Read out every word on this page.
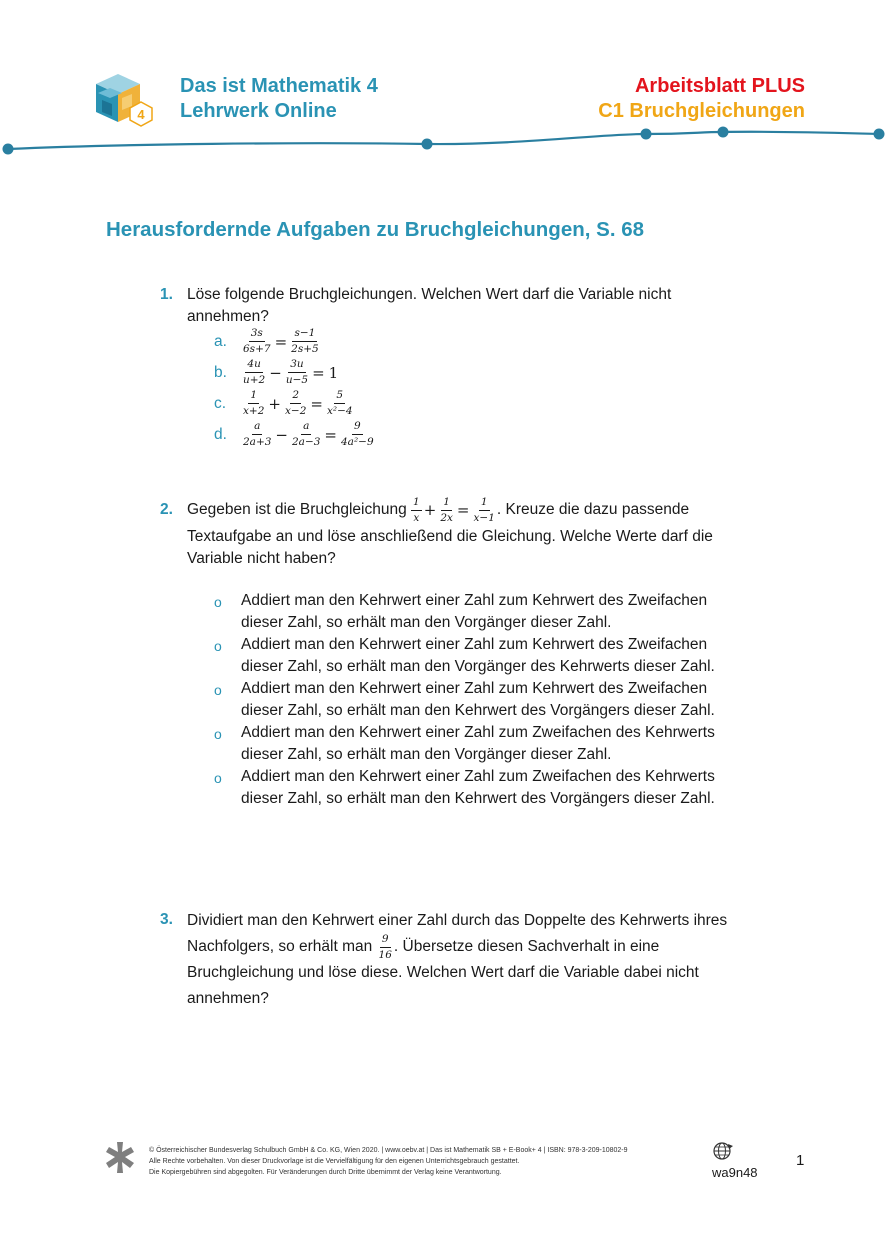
4
Das ist Mathematik 4
Lehrwerk Online
Arbeitsblatt PLUS
C1 Bruchgleichungen
Herausfordernde Aufgaben zu Bruchgleichungen, S. 68
1. Löse folgende Bruchgleichungen. Welchen Wert darf die Variable nicht
annehmen?
a.	$\frac{3s}{6s+7} = \frac{s-1}{2s+5}$
b.	$\frac{4u}{u+2} - \frac{3u}{u-5} = 1$
c.	$\frac{1}{x+2} + \frac{2}{x-2} = \frac{5}{\text{x²−4}}$
d.	$\frac{a}{2a+3} - \frac{a}{2a-3} = \frac{9}{\text{4a²−9}}$
2. Gegeben ist die Bruchgleichung
$\frac{1}{x} + \frac{1}{2x} = \frac{1}{x-1}$ . Kreuze die dazu passende
Textaufgabe an und löse anschließend die Gleichung. Welche Werte darf die
Variable nicht haben?
o	Addiert man den Kehrwert einer Zahl zum Kehrwert des Zweifachen
dieser Zahl, so erhält man den Vorgänger dieser Zahl.
o	Addiert man den Kehrwert einer Zahl zum Kehrwert des Zweifachen
dieser Zahl, so erhält man den Vorgänger des Kehrwerts dieser Zahl.
o	Addiert man den Kehrwert einer Zahl zum Kehrwert des Zweifachen
dieser Zahl, so erhält man den Kehrwert des Vorgängers dieser Zahl.
o	Addiert man den Kehrwert einer Zahl zum Zweifachen des Kehrwerts
dieser Zahl, so erhält man den Vorgänger dieser Zahl.
o	Addiert man den Kehrwert einer Zahl zum Zweifachen des Kehrwerts
dieser Zahl, so erhält man den Kehrwert des Vorgängers dieser Zahl.
3. Dividiert man den Kehrwert einer Zahl durch das Doppelte des Kehrwerts ihres
Nachfolgers, so erhält man
$\frac{9}{16}$ . Übersetze diesen Sachverhalt in eine
Bruchgleichung und löse diese. Welchen Wert darf die Variable dabei nicht
annehmen?
© Österreichischer Bundesverlag Schulbuch GmbH & Co. KG, Wien 2020. | www.oebv.at | Das ist Mathematik SB + E-Book+ 4 | ISBN: 978-3-209-10802-9
Alle Rechte vorbehalten. Von dieser Druckvorlage ist die Vervielfältigung für den eigenen Unterrichtsgebrauch gestattet.
Die Kopiergebühren sind abgegolten. Für Veränderungen durch Dritte übernimmt der Verlag keine Verantwortung.	wa9n48
1
